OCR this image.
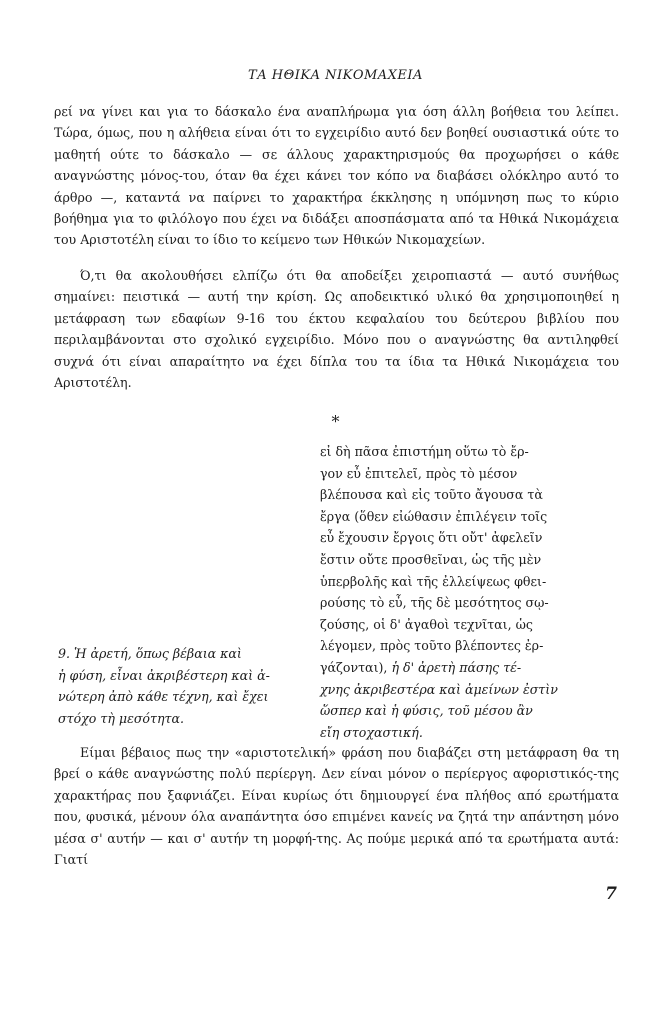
ΤΑ ΗΘΙΚΑ ΝΙΚΟΜΑΧΕΙΑ

ρεί να γίνει και για το δάσκαλο ένα αναπλήρωμα για όση άλλη βοήθεια του λείπει. Τώρα, όμως, που η αλήθεια είναι ότι το εγχειρίδιο αυτό δεν βοηθεί ουσιαστικά ούτε το μαθητή ούτε το δάσκαλο — σε άλλους χαρακτηρισμούς θα προχωρήσει ο κάθε αναγνώστης μόνος-του, όταν θα έχει κάνει τον κόπο να διαβάσει ολόκληρο αυτό το άρθρο —, καταντά να παίρνει το χαρακτήρα έκκλησης η υπόμνηση πως το κύριο βοήθημα για το φιλόλογο που έχει να διδάξει αποσπάσματα από τα Ηθικά Νικομάχεια του Αριστοτέλη είναι το ίδιο το κείμενο των Ηθικών Νικομαχείων.

Ό,τι θα ακολουθήσει ελπίζω ότι θα αποδείξει χειροπιαστά — αυτό συνήθως σημαίνει: πειστικά — αυτή την κρίση. Ως αποδεικτικό υλικό θα χρησιμοποιηθεί η μετάφραση των εδαφίων 9-16 του έκτου κεφαλαίου του δεύτερου βιβλίου που περιλαμβάνονται στο σχολικό εγχειρίδιο. Μόνο που ο αναγνώστης θα αντιληφθεί συχνά ότι είναι απαραίτητο να έχει δίπλα του τα ίδια τα Ηθικά Νικομάχεια του Αριστοτέλη.

*
εἰ δὴ πᾶσα ἐπιστήμη οὕτω τὸ ἔρ-
γον εὖ ἐπιτελεῖ, πρὸς τὸ μέσον
βλέπουσα καὶ εἰς τοῦτο ἄγουσα τὰ
ἔργα (ὅθεν εἰώθασιν ἐπιλέγειν τοῖς
εὖ ἔχουσιν ἔργοις ὅτι οὔτ' ἀφελεῖν
ἔστιν οὔτε προσθεῖναι, ὡς τῆς μὲν
ὑπερβολῆς καὶ τῆς ἐλλείψεως φθει-
ρούσης τὸ εὖ, τῆς δὲ μεσότητος σῳ-
ζούσης, οἱ δ' ἀγαθοὶ τεχνῖται, ὡς
λέγομεν, πρὸς τοῦτο βλέποντες ἐρ-
γάζονται), ἡ δ' ἀρετὴ πάσης τέ-
χνης ἀκριβεστέρα καὶ ἀμείνων ἐστὶν
ὥσπερ καὶ ἡ φύσις, τοῦ μέσου ἂν
εἴη στοχαστική.
9. Ἡ ἀρετή, ὅπως βέβαια καὶ
ἡ φύση, εἶναι ἀκριβέστερη καὶ ἀ-
νώτερη ἀπὸ κάθε τέχνη, καὶ ἔχει
στόχο τὴ μεσότητα.

Είμαι βέβαιος πως την «αριστοτελική» φράση που διαβάζει στη μετάφραση θα τη βρεί ο κάθε αναγνώστης πολύ περίεργη. Δεν είναι μόνον ο περίεργος αφοριστικός-της χαρακτήρας που ξαφνιάζει. Είναι κυρίως ότι δημιουργεί ένα πλήθος από ερωτήματα που, φυσικά, μένουν όλα αναπάντητα όσο επιμένει κανείς να ζητά την απάντηση μόνο μέσα σ' αυτήν — και σ' αυτήν τη μορφή-της. Ας πούμε μερικά από τα ερωτήματα αυτά: Γιατί

7
